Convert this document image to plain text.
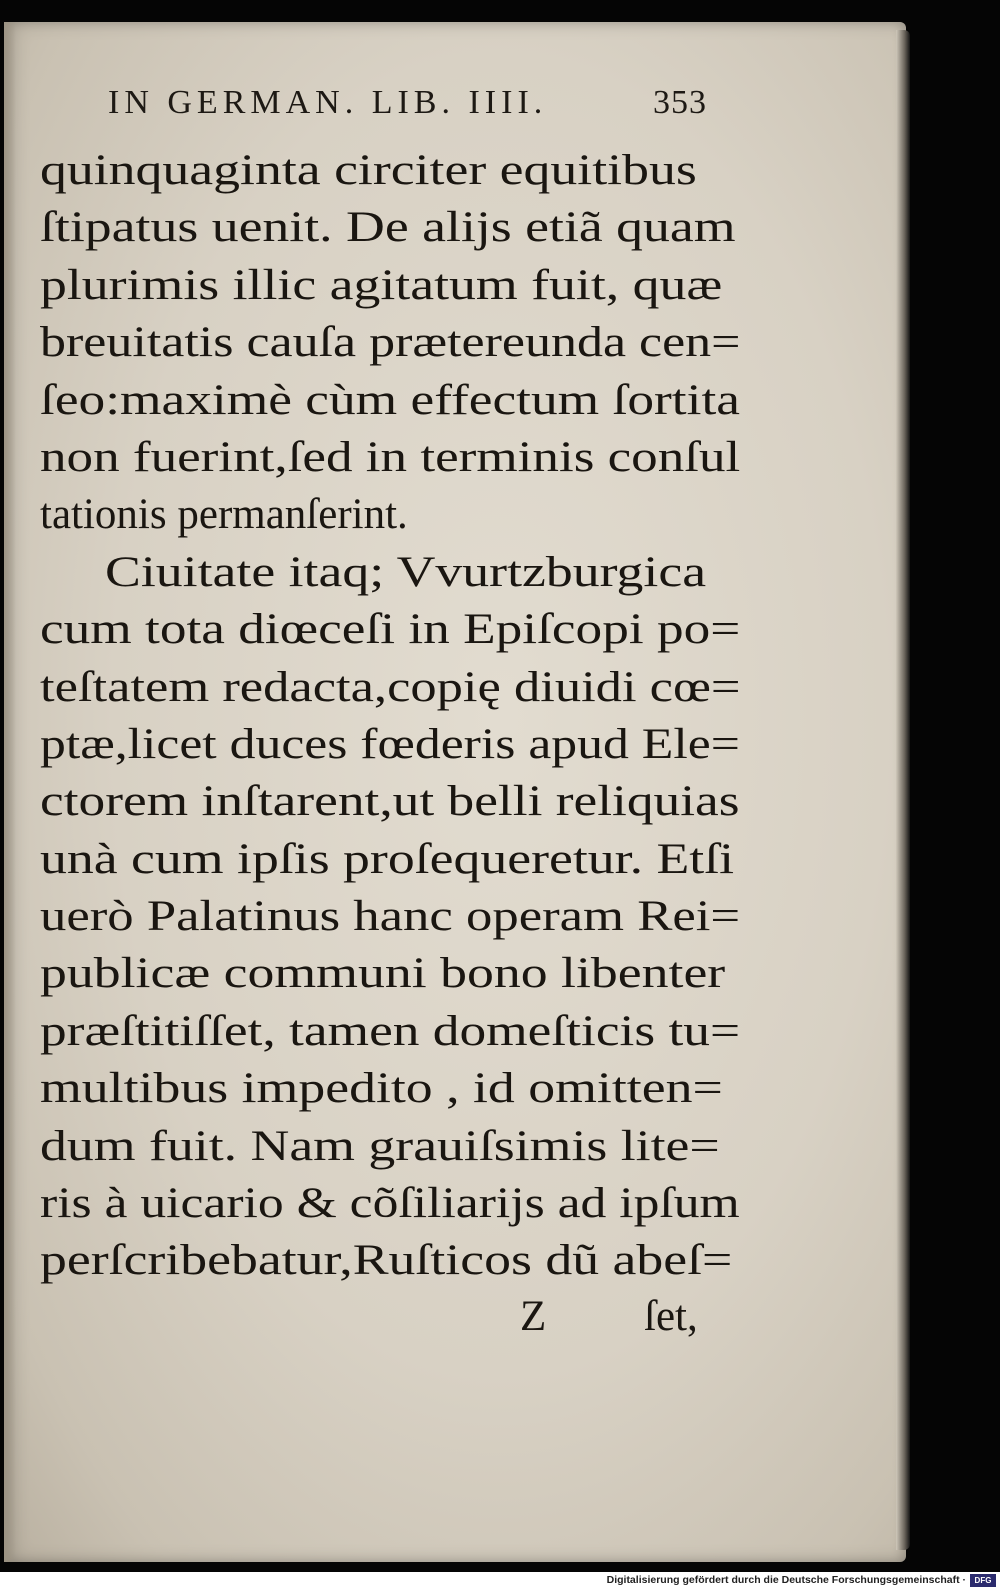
IN GERMAN. LIB. IIII.	353
quinquaginta circiter equitibus
ſtipatus uenit. De aliјs etiã quam
plurimis illic agitatum fuit, quæ
breuitatis cauſa prætereunda cen=
ſeo:maximè cùm effectum ſortita
non fuerint,ſed in terminis conſul
tationis permanſerint.
Ciuitate itaq; Vvurtzburgica
cum tota diœceſi in Epiſcopi po=
teſtatem redacta,copię diuidi cœ=
ptæ,licet duces fœderis apud Ele=
ctorem inſtarent,ut belli reliquias
unà cum ipſis proſequeretur. Etſi
uerò Palatinus hanc operam Rei=
publicæ communi bono libenter
præſtitiſſet, tamen domeſticis tu=
multibus impedito , id omitten=
dum fuit. Nam grauiſsimis lite=
ris à uicario & cõſiliarijs ad ipſum
perſcribebatur,Ruſticos dũ abeſ=
Z ſet,
Digitalisierung gefördert durch die Deutsche Forschungsgemeinschaft ·	DFG
